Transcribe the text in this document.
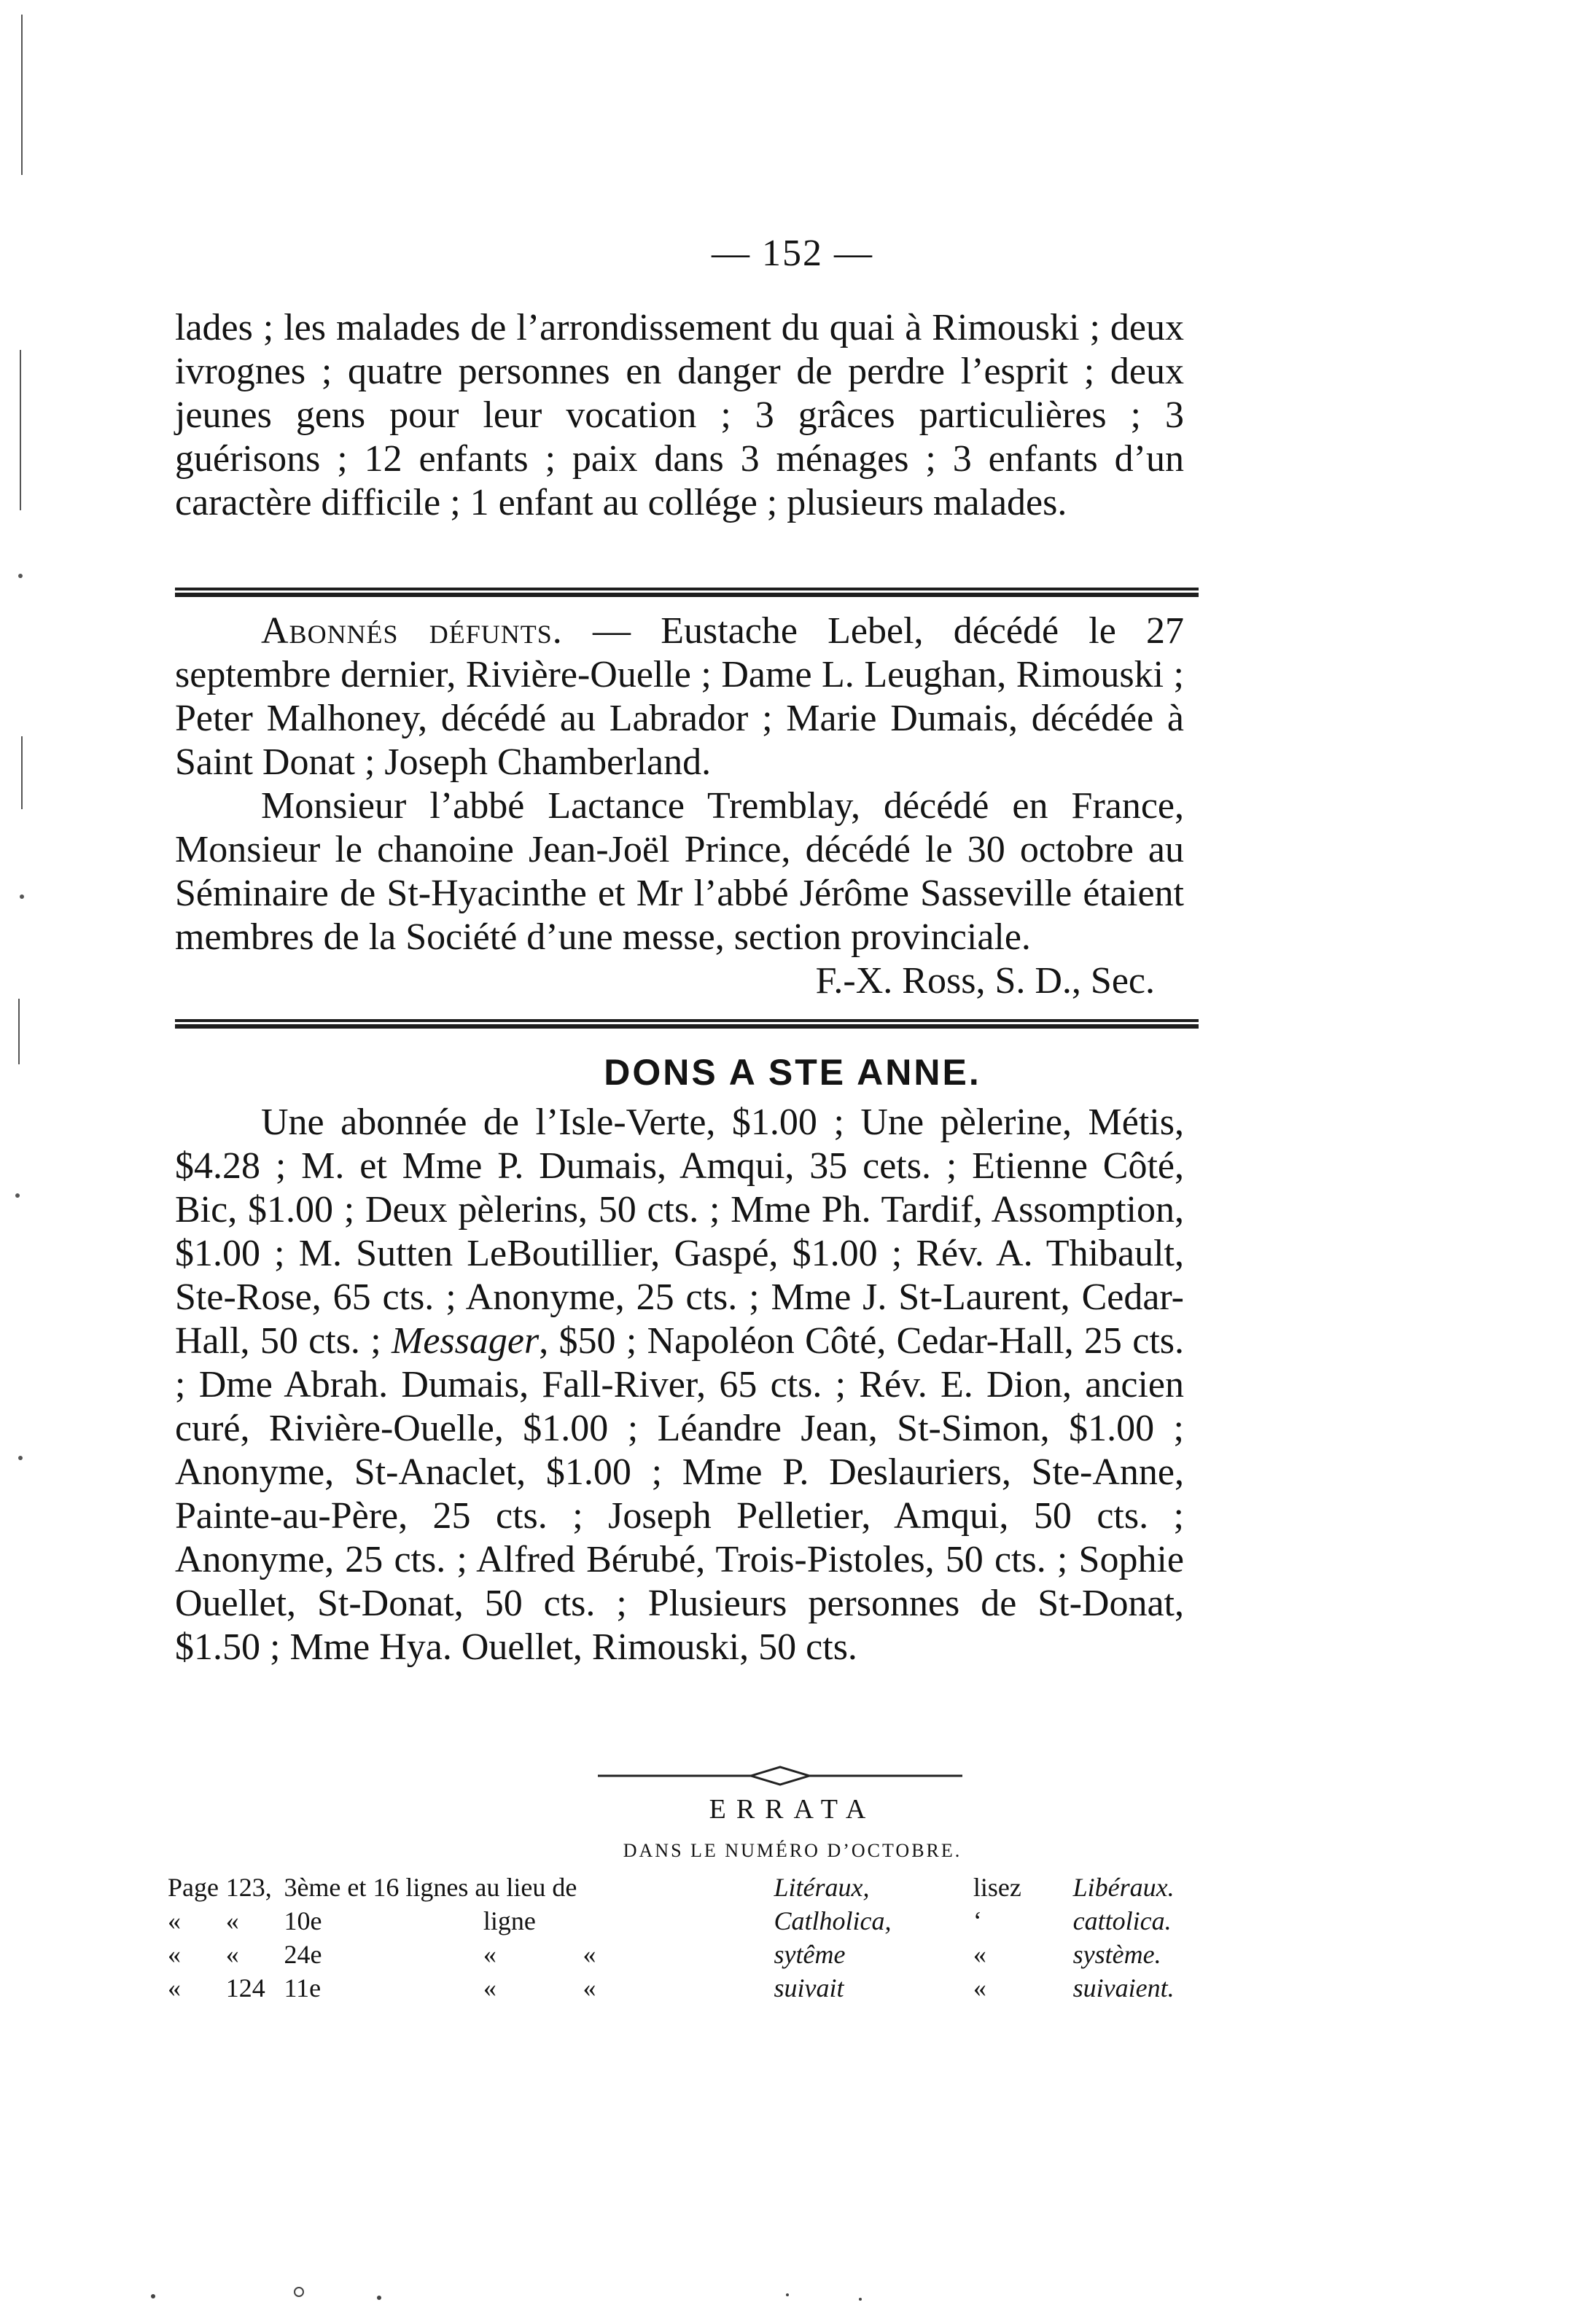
— 152 —

lades ; les malades de l’arrondissement du quai à Rimouski ; deux ivrognes ; quatre personnes en danger de perdre l’esprit ; deux jeunes gens pour leur vocation ; 3 grâces particulières ; 3 guérisons ; 12 enfants ; paix dans 3 ménages ; 3 enfants d’un caractère difficile ; 1 enfant au collége ; plusieurs malades.

Abonnés défunts. — Eustache Lebel, décédé le 27 septembre dernier, Rivière-Ouelle ; Dame L. Leughan, Rimouski ; Peter Malhoney, décédé au Labrador ; Marie Dumais, décédée à Saint Donat ; Joseph Chamberland.

Monsieur l’abbé Lactance Tremblay, décédé en France, Monsieur le chanoine Jean-Joël Prince, décédé le 30 octobre au Séminaire de St-Hyacinthe et Mr l’abbé Jérôme Sasseville étaient membres de la Société d’une messe, section provinciale.

F.-X. Ross, S. D., Sec.
DONS A STE ANNE.

Une abonnée de l’Isle-Verte, $1.00 ; Une pèlerine, Métis, $4.28 ; M. et Mme P. Dumais, Amqui, 35 cets. ; Etienne Côté, Bic, $1.00 ; Deux pèlerins, 50 cts. ; Mme Ph. Tardif, Assomption, $1.00 ; M. Sutten LeBoutillier, Gaspé, $1.00 ; Rév. A. Thibault, Ste-Rose, 65 cts. ; Anonyme, 25 cts. ; Mme J. St-Laurent, Cedar-Hall, 50 cts. ; Messager, $50 ; Napoléon Côté, Cedar-Hall, 25 cts. ; Dme Abrah. Dumais, Fall-River, 65 cts. ; Rév. E. Dion, ancien curé, Rivière-Ouelle, $1.00 ; Léandre Jean, St-Simon, $1.00 ; Anonyme, St-Anaclet, $1.00 ; Mme P. Deslauriers, Ste-Anne, Painte-au-Père, 25 cts. ; Joseph Pelletier, Amqui, 50 cts. ; Anonyme, 25 cts. ; Alfred Bérubé, Trois-Pistoles, 50 cts. ; Sophie Ouellet, St-Donat, 50 cts. ; Plusieurs personnes de St-Donat, $1.50 ; Mme Hya. Ouellet, Rimouski, 50 cts.

ERRATA
DANS LE NUMÉRO D’OCTOBRE.
Page	123,	3ème et 16 lignes au lieu de			Litéraux,	lisez	Libéraux.
«	«	10e	ligne		Catlholica,	‘	cattolica.
«	«	24e	«	«	sytême	«	système.
«	124	11e	«	«	suivait	«	suivaient.
